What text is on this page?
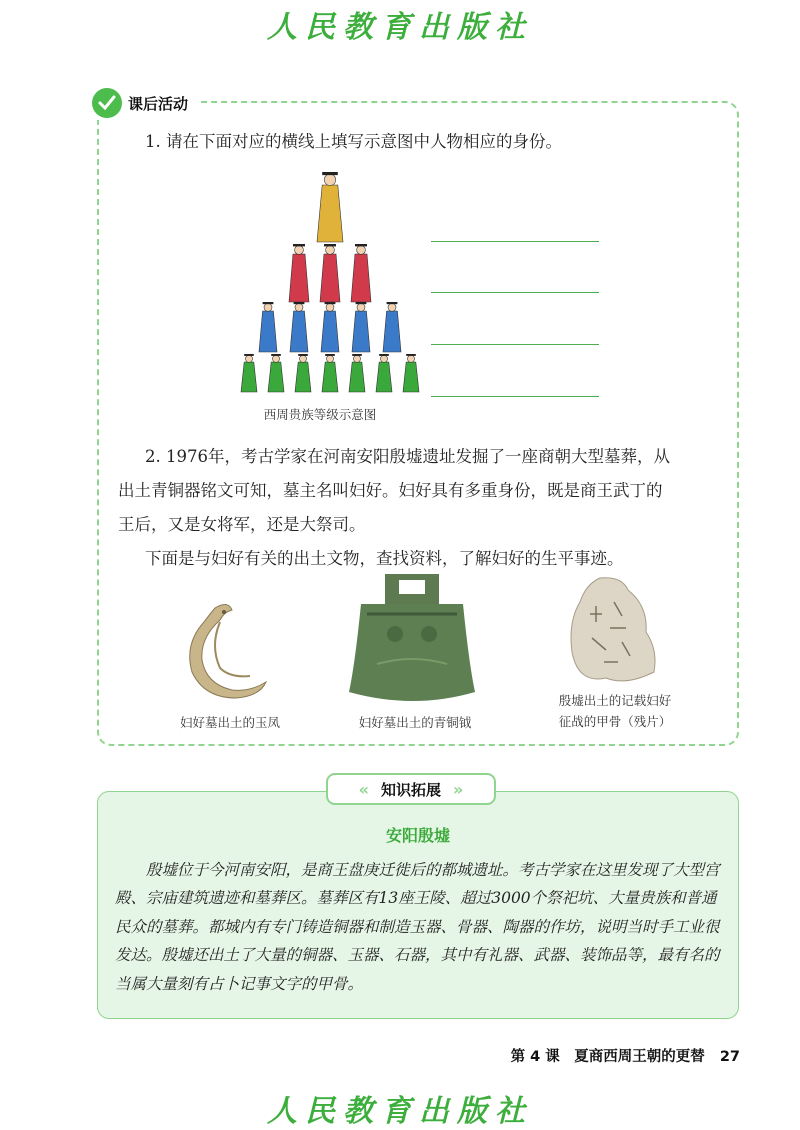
人民教育出版社
课后活动
1. 请在下面对应的横线上填写示意图中人物相应的身份。
西周贵族等级示意图
2. 1976年，考古学家在河南安阳殷墟遗址发掘了一座商朝大型墓葬，从
出土青铜器铭文可知，墓主名叫妇好。妇好具有多重身份，既是商王武丁的
王后，又是女将军，还是大祭司。
下面是与妇好有关的出土文物，查找资料，了解妇好的生平事迹。
妇好墓出土的玉凤	妇好墓出土的青铜钺
殷墟出土的记载妇好
征战的甲骨（残片）
« 知识拓展 »
安阳殷墟
殷墟位于今河南安阳，是商王盘庚迁徙后的都城遗址。考古学家在这里发现了大型宫殿、宗庙建筑遗迹和墓葬区。墓葬区有13座王陵、超过3000个祭祀坑、大量贵族和普通民众的墓葬。都城内有专门铸造铜器和制造玉器、骨器、陶器的作坊，说明当时手工业很发达。殷墟还出土了大量的铜器、玉器、石器，其中有礼器、武器、装饰品等，最有名的当属大量刻有占卜记事文字的甲骨。
第 4 课　夏商西周王朝的更替 27
人民教育出版社
